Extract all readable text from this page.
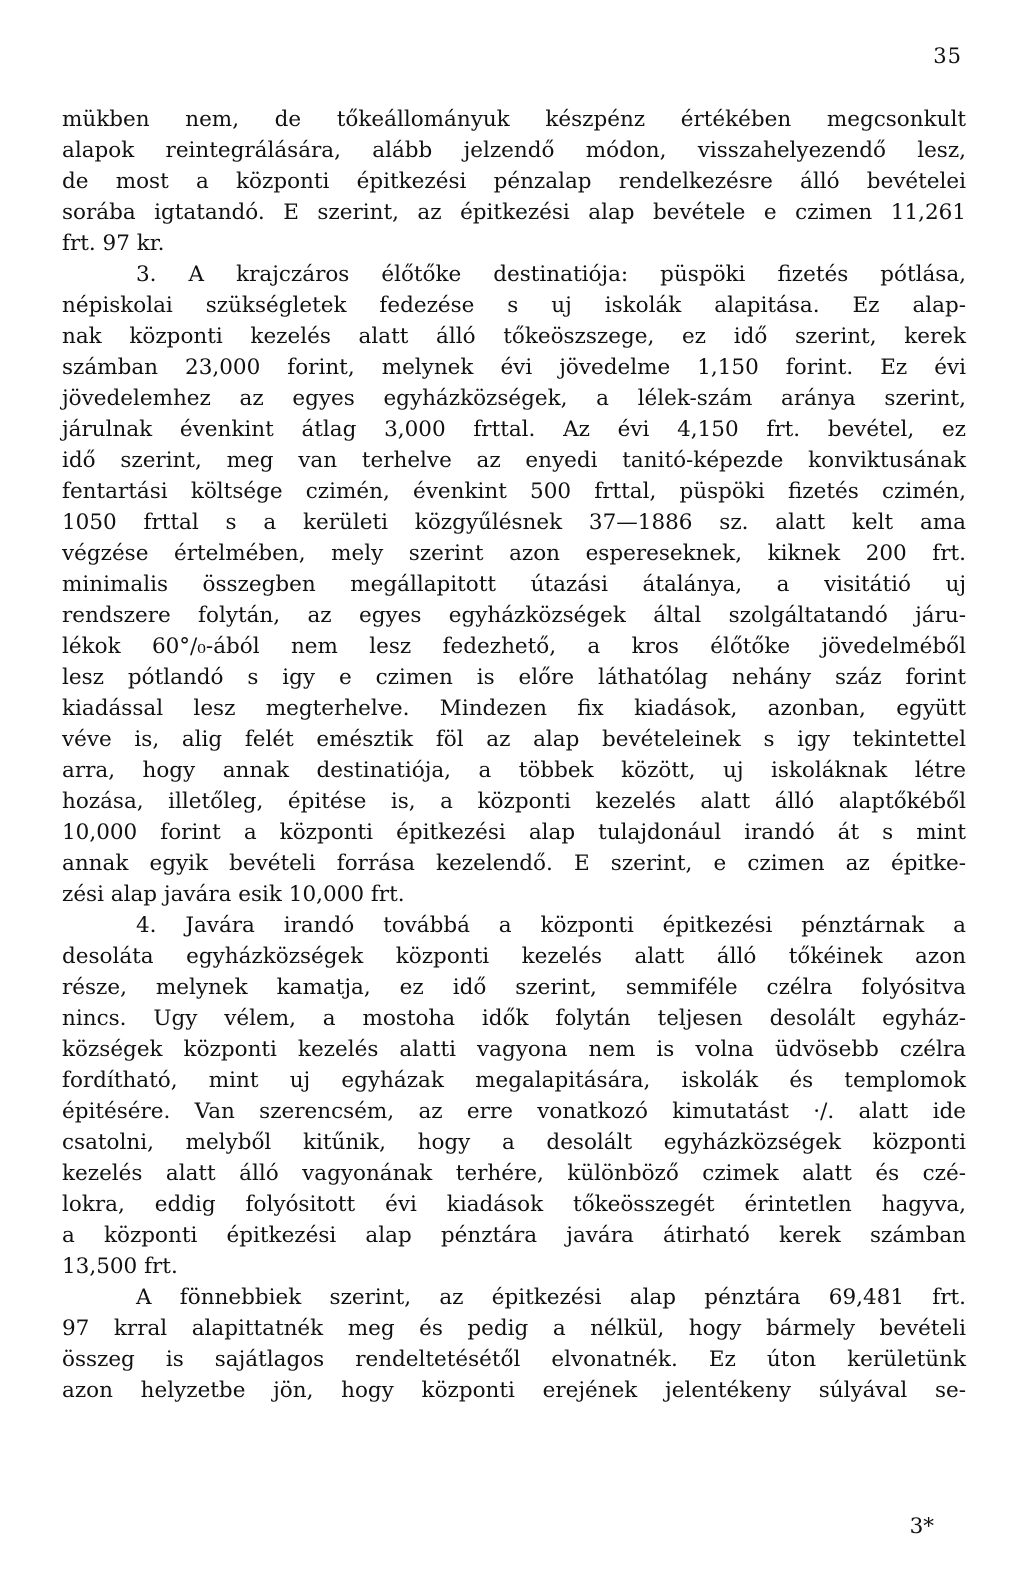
35
mükben nem, de tőkeállományuk készpénz értékében megcsonkult
alapok reintegrálására, alább jelzendő módon, visszahelyezendő lesz,
de most a központi épitkezési pénzalap rendelkezésre álló bevételei
sorába igtatandó. E szerint, az épitkezési alap bevétele e czimen 11,261
frt. 97 kr.
3. A krajczáros élőtőke destinatiója: püspöki fizetés pótlása,
népiskolai szükségletek fedezése s uj iskolák alapitása. Ez alap-
nak központi kezelés alatt álló tőkeöszszege, ez idő szerint, kerek
számban 23,000 forint, melynek évi jövedelme 1,150 forint. Ez évi
jövedelemhez az egyes egyházközségek, a lélek-szám aránya szerint,
járulnak évenkint átlag 3,000 frttal. Az évi 4,150 frt. bevétel, ez
idő szerint, meg van terhelve az enyedi tanitó-képezde konviktusának
fentartási költsége czimén, évenkint 500 frttal, püspöki fizetés czimén,
1050 frttal s a kerületi közgyűlésnek 37—1886 sz. alatt kelt ama
végzése értelmében, mely szerint azon espereseknek, kiknek 200 frt.
minimalis összegben megállapitott útazási átalánya, a visitátió uj
rendszere folytán, az egyes egyházközségek által szolgáltatandó járu-
lékok 60°/₀-ából nem lesz fedezhető, a kros élőtőke jövedelméből
lesz pótlandó s igy e czimen is előre láthatólag nehány száz forint
kiadással lesz megterhelve. Mindezen fix kiadások, azonban, együtt
véve is, alig felét emésztik föl az alap bevételeinek s igy tekintettel
arra, hogy annak destinatiója, a többek között, uj iskoláknak létre
hozása, illetőleg, épitése is, a központi kezelés alatt álló alaptőkéből
10,000 forint a központi épitkezési alap tulajdonául irandó át s mint
annak egyik bevételi forrása kezelendő. E szerint, e czimen az épitke-
zési alap javára esik 10,000 frt.
4. Javára irandó továbbá a központi épitkezési pénztárnak a
desoláta egyházközségek központi kezelés alatt álló tőkéinek azon
része, melynek kamatja, ez idő szerint, semmiféle czélra folyósitva
nincs. Ugy vélem, a mostoha idők folytán teljesen desolált egyház-
községek központi kezelés alatti vagyona nem is volna üdvösebb czélra
fordítható, mint uj egyházak megalapitására, iskolák és templomok
épitésére. Van szerencsém, az erre vonatkozó kimutatást ·/. alatt ide
csatolni, melyből kitűnik, hogy a desolált egyházközségek központi
kezelés alatt álló vagyonának terhére, különböző czimek alatt és czé-
lokra, eddig folyósitott évi kiadások tőkeösszegét érintetlen hagyva,
a központi épitkezési alap pénztára javára átirható kerek számban
13,500 frt.
A fönnebbiek szerint, az épitkezési alap pénztára 69,481 frt.
97 krral alapittatnék meg és pedig a nélkül, hogy bármely bevételi
összeg is sajátlagos rendeltetésétől elvonatnék. Ez úton kerületünk
azon helyzetbe jön, hogy központi erejének jelentékeny súlyával se-
3*
